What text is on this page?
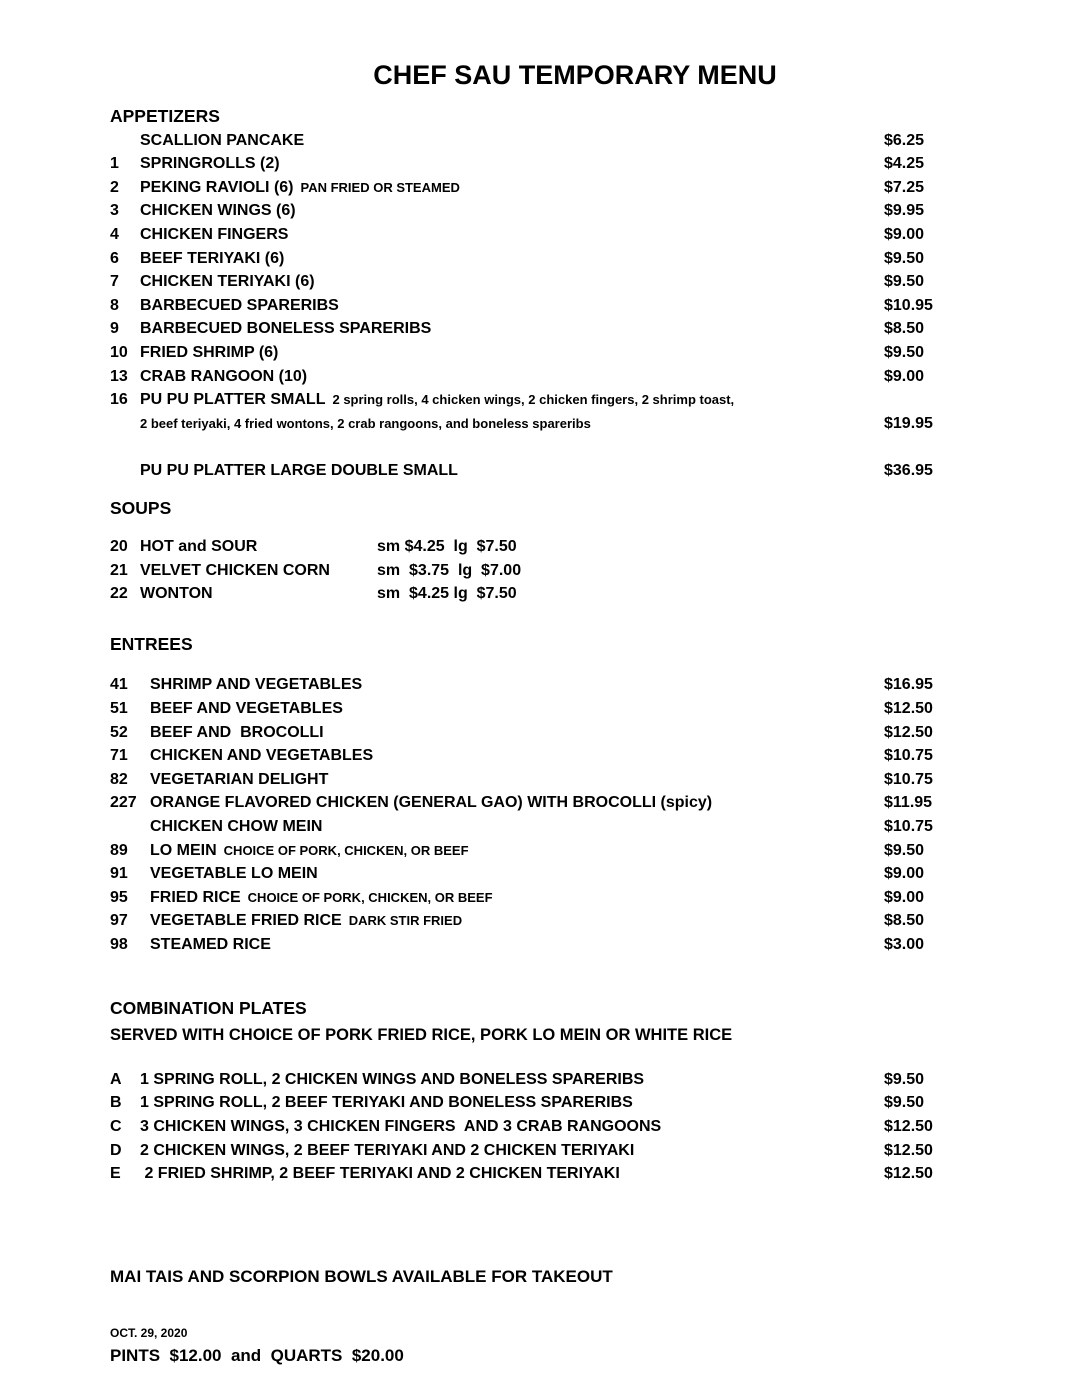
CHEF SAU TEMPORARY MENU
APPETIZERS
SCALLION PANCAKE	$6.25
1 SPRINGROLLS (2)	$4.25
2 PEKING RAVIOLI (6) PAN FRIED OR STEAMED	$7.25
3 CHICKEN WINGS (6)	$9.95
4 CHICKEN FINGERS	$9.00
6 BEEF TERIYAKI (6)	$9.50
7 CHICKEN TERIYAKI (6)	$9.50
8 BARBECUED SPARERIBS	$10.95
9 BARBECUED BONELESS SPARERIBS	$8.50
10 FRIED SHRIMP (6)	$9.50
13 CRAB RANGOON (10)	$9.00
16 PU PU PLATTER SMALL 2 spring rolls, 4 chicken wings, 2 chicken fingers, 2 shrimp toast,
2 beef teriyaki, 4 fried wontons, 2 crab rangoons, and boneless spareribs	$19.95
PU PU PLATTER LARGE DOUBLE SMALL	$36.95
SOUPS
20 HOT and SOUR	sm $4.25  lg  $7.50
21 VELVET CHICKEN CORN	sm  $3.75  lg  $7.00
22 WONTON	sm  $4.25 lg  $7.50
ENTREES
41 SHRIMP AND VEGETABLES	$16.95
51 BEEF AND VEGETABLES	$12.50
52 BEEF AND  BROCOLLI	$12.50
71 CHICKEN AND VEGETABLES	$10.75
82 VEGETARIAN DELIGHT	$10.75
227 ORANGE FLAVORED CHICKEN (GENERAL GAO) WITH BROCOLLI (spicy)	$11.95
CHICKEN CHOW MEIN	$10.75
89 LO MEIN CHOICE OF PORK, CHICKEN, OR BEEF	$9.50
91 VEGETABLE LO MEIN	$9.00
95 FRIED RICE CHOICE OF PORK, CHICKEN, OR BEEF	$9.00
97 VEGETABLE FRIED RICE DARK STIR FRIED	$8.50
98 STEAMED RICE	$3.00
COMBINATION PLATES

SERVED WITH CHOICE OF PORK FRIED RICE, PORK LO MEIN OR WHITE RICE

A 1 SPRING ROLL, 2 CHICKEN WINGS AND BONELESS SPARERIBS	$9.50
B 1 SPRING ROLL, 2 BEEF TERIYAKI AND BONELESS SPARERIBS	$9.50
C 3 CHICKEN WINGS, 3 CHICKEN FINGERS  AND 3 CRAB RANGOONS	$12.50
D 2 CHICKEN WINGS, 2 BEEF TERIYAKI AND 2 CHICKEN TERIYAKI	$12.50
E 2 FRIED SHRIMP, 2 BEEF TERIYAKI AND 2 CHICKEN TERIYAKI	$12.50

MAI TAIS AND SCORPION BOWLS AVAILABLE FOR TAKEOUT

PINTS  $12.00  and  QUARTS  $20.00

OCT. 29, 2020
